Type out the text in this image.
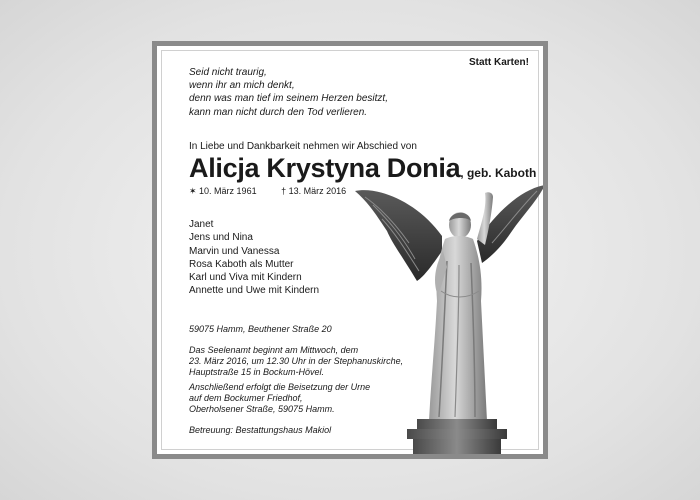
Statt Karten!
Seid nicht traurig,
wenn ihr an mich denkt,
denn was man tief im seinem Herzen besitzt,
kann man nicht durch den Tod verlieren.
In Liebe und Dankbarkeit nehmen wir Abschied von
Alicja Krystyna Donia, geb. Kaboth
✶ 10. März 1961	† 13. März 2016
Janet
Jens und Nina
Marvin und Vanessa
Rosa Kaboth als Mutter
Karl und Viva mit Kindern
Annette und Uwe mit Kindern
59075 Hamm, Beuthener Straße 20
Das Seelenamt beginnt am Mittwoch, dem
23. März 2016, um 12.30 Uhr in der Stephanuskirche,
Hauptstraße 15 in Bockum-Hövel.
Anschließend erfolgt die Beisetzung der Urne
auf dem Bockumer Friedhof,
Oberholsener Straße, 59075 Hamm.
Betreuung: Bestattungshaus Makiol
